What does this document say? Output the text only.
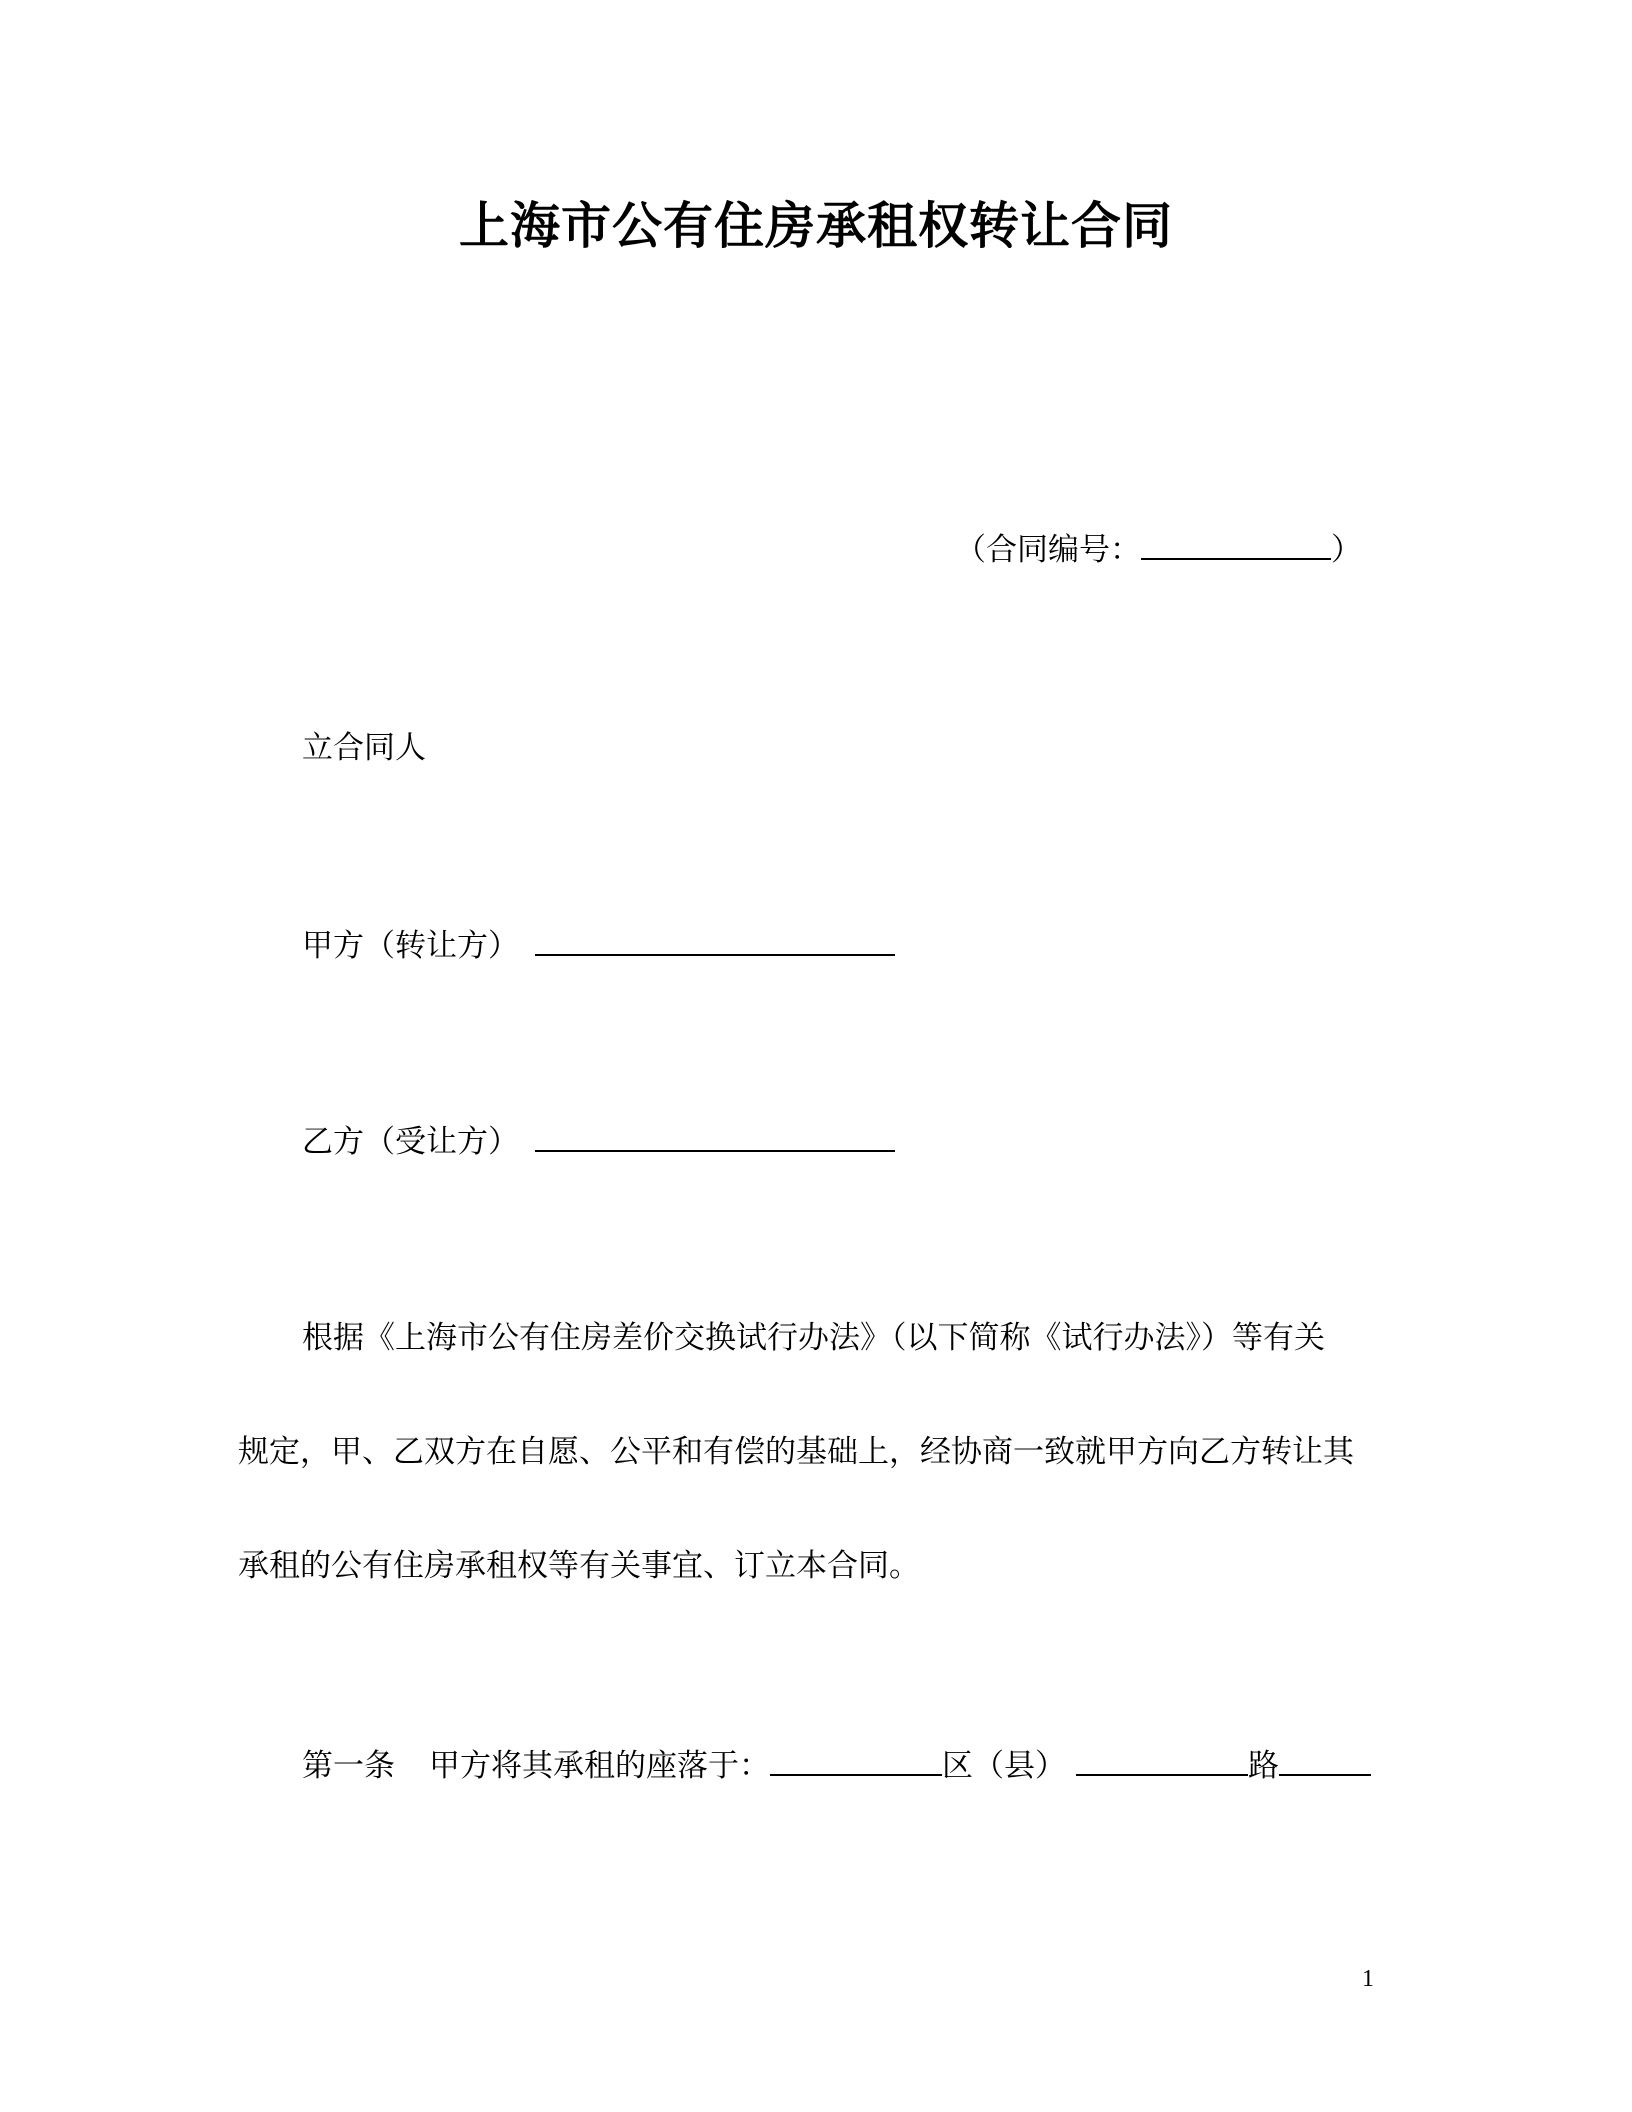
上海市公有住房承租权转让合同
（合同编号：	）
立合同人
甲方（转让方）
乙方（受让方）
根据《上海市公有住房差价交换试行办法》（以下简称《试行办法》）等有关
规定，甲、乙双方在自愿、公平和有偿的基础上，经协商一致就甲方向乙方转让其
承租的公有住房承租权等有关事宜、订立本合同。
第一条 甲方将其承租的座落于：	区（县）	路
1
